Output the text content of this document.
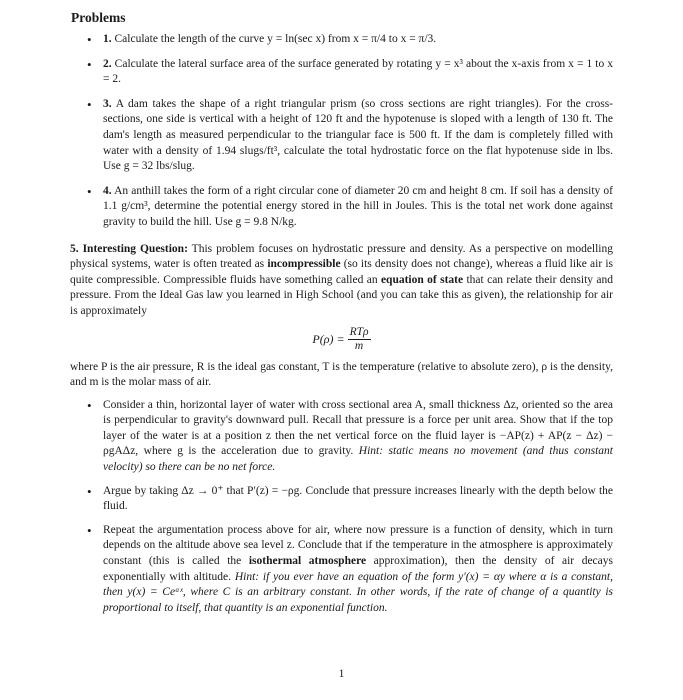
Problems
• 1. Calculate the length of the curve y = ln(sec x) from x = π/4 to x = π/3.
• 2. Calculate the lateral surface area of the surface generated by rotating y = x³ about the x-axis from x = 1 to x = 2.
• 3. A dam takes the shape of a right triangular prism (so cross sections are right triangles). For the cross-sections, one side is vertical with a height of 120 ft and the hypotenuse is sloped with a length of 130 ft. The dam's length as measured perpendicular to the triangular face is 500 ft. If the dam is completely filled with water with a density of 1.94 slugs/ft³, calculate the total hydrostatic force on the flat hypotenuse side in lbs. Use g = 32 lbs/slug.
• 4. An anthill takes the form of a right circular cone of diameter 20 cm and height 8 cm. If soil has a density of 1.1 g/cm³, determine the potential energy stored in the hill in Joules. This is the total net work done against gravity to build the hill. Use g = 9.8 N/kg.

5. Interesting Question: This problem focuses on hydrostatic pressure and density. As a perspective on modelling physical systems, water is often treated as incompressible (so its density does not change), whereas a fluid like air is quite compressible. Compressible fluids have something called an equation of state that can relate their density and pressure. From the Ideal Gas law you learned in High School (and you can take this as given), the relationship for air is approximately

$P(\rho) = \frac{\text{RTρ}}{m}$

where P is the air pressure, R is the ideal gas constant, T is the temperature (relative to absolute zero), ρ is the density, and m is the molar mass of air.

• Consider a thin, horizontal layer of water with cross sectional area A, small thickness Δz, oriented so the area is perpendicular to gravity's downward pull. Recall that pressure is a force per unit area. Show that if the top layer of the water is at a position z then the net vertical force on the fluid layer is −AP(z) + AP(z − Δz) − ρgAΔz, where g is the acceleration due to gravity. Hint: static means no movement (and thus constant velocity) so there can be no net force.
• Argue by taking Δz → 0⁺ that P′(z) = −ρg. Conclude that pressure increases linearly with the depth below the fluid.
• Repeat the argumentation process above for air, where now pressure is a function of density, which in turn depends on the altitude above sea level z. Conclude that if the temperature in the atmosphere is approximately constant (this is called the isothermal atmosphere approximation), then the density of air decays exponentially with altitude. Hint: if you ever have an equation of the form y′(x) = αy where α is a constant, then y(x) = Ceᵅˣ, where C is an arbitrary constant. In other words, if the rate of change of a quantity is proportional to itself, that quantity is an exponential function.
1
